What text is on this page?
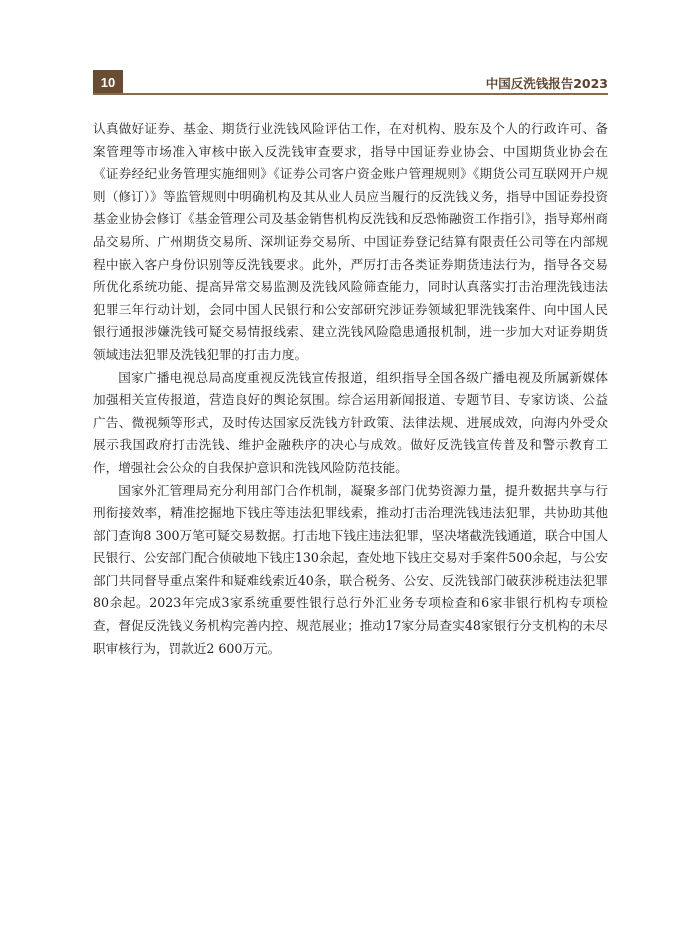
10	中国反洗钱报告2023

认真做好证券、基金、期货行业洗钱风险评估工作，在对机构、股东及个人的行政许可、备案管理等市场准入审核中嵌入反洗钱审查要求，指导中国证券业协会、中国期货业协会在《证券经纪业务管理实施细则》《证券公司客户资金账户管理规则》《期货公司互联网开户规则（修订）》等监管规则中明确机构及其从业人员应当履行的反洗钱义务，指导中国证券投资基金业协会修订《基金管理公司及基金销售机构反洗钱和反恐怖融资工作指引》，指导郑州商品交易所、广州期货交易所、深圳证券交易所、中国证券登记结算有限责任公司等在内部规程中嵌入客户身份识别等反洗钱要求。此外，严厉打击各类证券期货违法行为，指导各交易所优化系统功能、提高异常交易监测及洗钱风险筛查能力，同时认真落实打击治理洗钱违法犯罪三年行动计划，会同中国人民银行和公安部研究涉证券领域犯罪洗钱案件、向中国人民银行通报涉嫌洗钱可疑交易情报线索、建立洗钱风险隐患通报机制，进一步加大对证券期货领域违法犯罪及洗钱犯罪的打击力度。

国家广播电视总局高度重视反洗钱宣传报道，组织指导全国各级广播电视及所属新媒体加强相关宣传报道，营造良好的舆论氛围。综合运用新闻报道、专题节目、专家访谈、公益广告、微视频等形式，及时传达国家反洗钱方针政策、法律法规、进展成效，向海内外受众展示我国政府打击洗钱、维护金融秩序的决心与成效。做好反洗钱宣传普及和警示教育工作，增强社会公众的自我保护意识和洗钱风险防范技能。

国家外汇管理局充分利用部门合作机制，凝聚多部门优势资源力量，提升数据共享与行刑衔接效率，精准挖掘地下钱庄等违法犯罪线索，推动打击治理洗钱违法犯罪，共协助其他部门查询8 300万笔可疑交易数据。打击地下钱庄违法犯罪，坚决堵截洗钱通道，联合中国人民银行、公安部门配合侦破地下钱庄130余起，查处地下钱庄交易对手案件500余起，与公安部门共同督导重点案件和疑难线索近40条，联合税务、公安、反洗钱部门破获涉税违法犯罪80余起。2023年完成3家系统重要性银行总行外汇业务专项检查和6家非银行机构专项检查，督促反洗钱义务机构完善内控、规范展业；推动17家分局查实48家银行分支机构的未尽职审核行为，罚款近2 600万元。
